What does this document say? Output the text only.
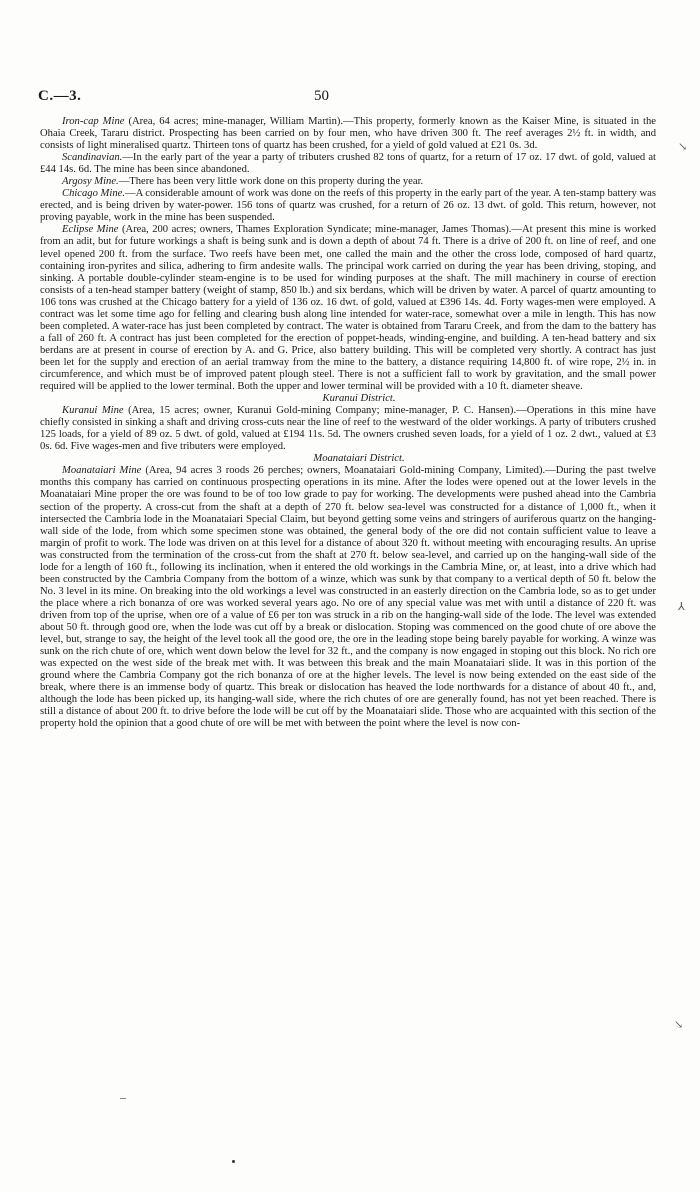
C.—3.	50

Iron-cap Mine (Area, 64 acres; mine-manager, William Martin).—This property, formerly known as the Kaiser Mine, is situated in the Ohaia Creek, Tararu district. Prospecting has been carried on by four men, who have driven 300 ft. The reef averages 2½ ft. in width, and consists of light mineralised quartz. Thirteen tons of quartz has been crushed, for a yield of gold valued at £21 0s. 3d.

Scandinavian.—In the early part of the year a party of tributers crushed 82 tons of quartz, for a return of 17 oz. 17 dwt. of gold, valued at £44 14s. 6d. The mine has been since abandoned.

Argosy Mine.—There has been very little work done on this property during the year.

Chicago Mine.—A considerable amount of work was done on the reefs of this property in the early part of the year. A ten-stamp battery was erected, and is being driven by water-power. 156 tons of quartz was crushed, for a return of 26 oz. 13 dwt. of gold. This return, however, not proving payable, work in the mine has been suspended.

Eclipse Mine (Area, 200 acres; owners, Thames Exploration Syndicate; mine-manager, James Thomas).—At present this mine is worked from an adit, but for future workings a shaft is being sunk and is down a depth of about 74 ft. There is a drive of 200 ft. on line of reef, and one level opened 200 ft. from the surface. Two reefs have been met, one called the main and the other the cross lode, composed of hard quartz, containing iron-pyrites and silica, adhering to firm andesite walls. The principal work carried on during the year has been driving, stoping, and sinking. A portable double-cylinder steam-engine is to be used for winding purposes at the shaft. The mill machinery in course of erection consists of a ten-head stamper battery (weight of stamp, 850 lb.) and six berdans, which will be driven by water. A parcel of quartz amounting to 106 tons was crushed at the Chicago battery for a yield of 136 oz. 16 dwt. of gold, valued at £396 14s. 4d. Forty wages-men were employed. A contract was let some time ago for felling and clearing bush along line intended for water-race, somewhat over a mile in length. This has now been completed. A water-race has just been completed by contract. The water is obtained from Tararu Creek, and from the dam to the battery has a fall of 260 ft. A contract has just been completed for the erection of poppet-heads, winding-engine, and building. A ten-head battery and six berdans are at present in course of erection by A. and G. Price, also battery building. This will be completed very shortly. A contract has just been let for the supply and erection of an aerial tramway from the mine to the battery, a distance requiring 14,800 ft. of wire rope, 2½ in. in circumference, and which must be of improved patent plough steel. There is not a sufficient fall to work by gravitation, and the small power required will be applied to the lower terminal. Both the upper and lower terminal will be provided with a 10 ft. diameter sheave.

Kuranui District.

Kuranui Mine (Area, 15 acres; owner, Kuranui Gold-mining Company; mine-manager, P. C. Hansen).—Operations in this mine have chiefly consisted in sinking a shaft and driving cross-cuts near the line of reef to the westward of the older workings. A party of tributers crushed 125 loads, for a yield of 89 oz. 5 dwt. of gold, valued at £194 11s. 5d. The owners crushed seven loads, for a yield of 1 oz. 2 dwt., valued at £3 0s. 6d. Five wages-men and five tributers were employed.

Moanataiari District.

Moanataiari Mine (Area, 94 acres 3 roods 26 perches; owners, Moanataiari Gold-mining Company, Limited).—During the past twelve months this company has carried on continuous prospecting operations in its mine. After the lodes were opened out at the lower levels in the Moanataiari Mine proper the ore was found to be of too low grade to pay for working. The developments were pushed ahead into the Cambria section of the property. A cross-cut from the shaft at a depth of 270 ft. below sea-level was constructed for a distance of 1,000 ft., when it intersected the Cambria lode in the Moanataiari Special Claim, but beyond getting some veins and stringers of auriferous quartz on the hanging-wall side of the lode, from which some specimen stone was obtained, the general body of the ore did not contain sufficient value to leave a margin of profit to work. The lode was driven on at this level for a distance of about 320 ft. without meeting with encouraging results. An uprise was constructed from the termination of the cross-cut from the shaft at 270 ft. below sea-level, and carried up on the hanging-wall side of the lode for a length of 160 ft., following its inclination, when it entered the old workings in the Cambria Mine, or, at least, into a drive which had been constructed by the Cambria Company from the bottom of a winze, which was sunk by that company to a vertical depth of 50 ft. below the No. 3 level in its mine. On breaking into the old workings a level was constructed in an easterly direction on the Cambria lode, so as to get under the place where a rich bonanza of ore was worked several years ago. No ore of any special value was met with until a distance of 220 ft. was driven from top of the uprise, when ore of a value of £6 per ton was struck in a rib on the hanging-wall side of the lode. The level was extended about 50 ft. through good ore, when the lode was cut off by a break or dislocation. Stoping was commenced on the good chute of ore above the level, but, strange to say, the height of the level took all the good ore, the ore in the leading stope being barely payable for working. A winze was sunk on the rich chute of ore, which went down below the level for 32 ft., and the company is now engaged in stoping out this block. No rich ore was expected on the west side of the break met with. It was between this break and the main Moanataiari slide. It was in this portion of the ground where the Cambria Company got the rich bonanza of ore at the higher levels. The level is now being extended on the east side of the break, where there is an immense body of quartz. This break or dislocation has heaved the lode northwards for a distance of about 40 ft., and, although the lode has been picked up, its hanging-wall side, where the rich chutes of ore are generally found, has not yet been reached. There is still a distance of about 200 ft. to drive before the lode will be cut off by the Moanataiari slide. Those who are acquainted with this section of the property hold the opinion that a good chute of ore will be met with between the point where the level is now con-

↘
⅄
↘
